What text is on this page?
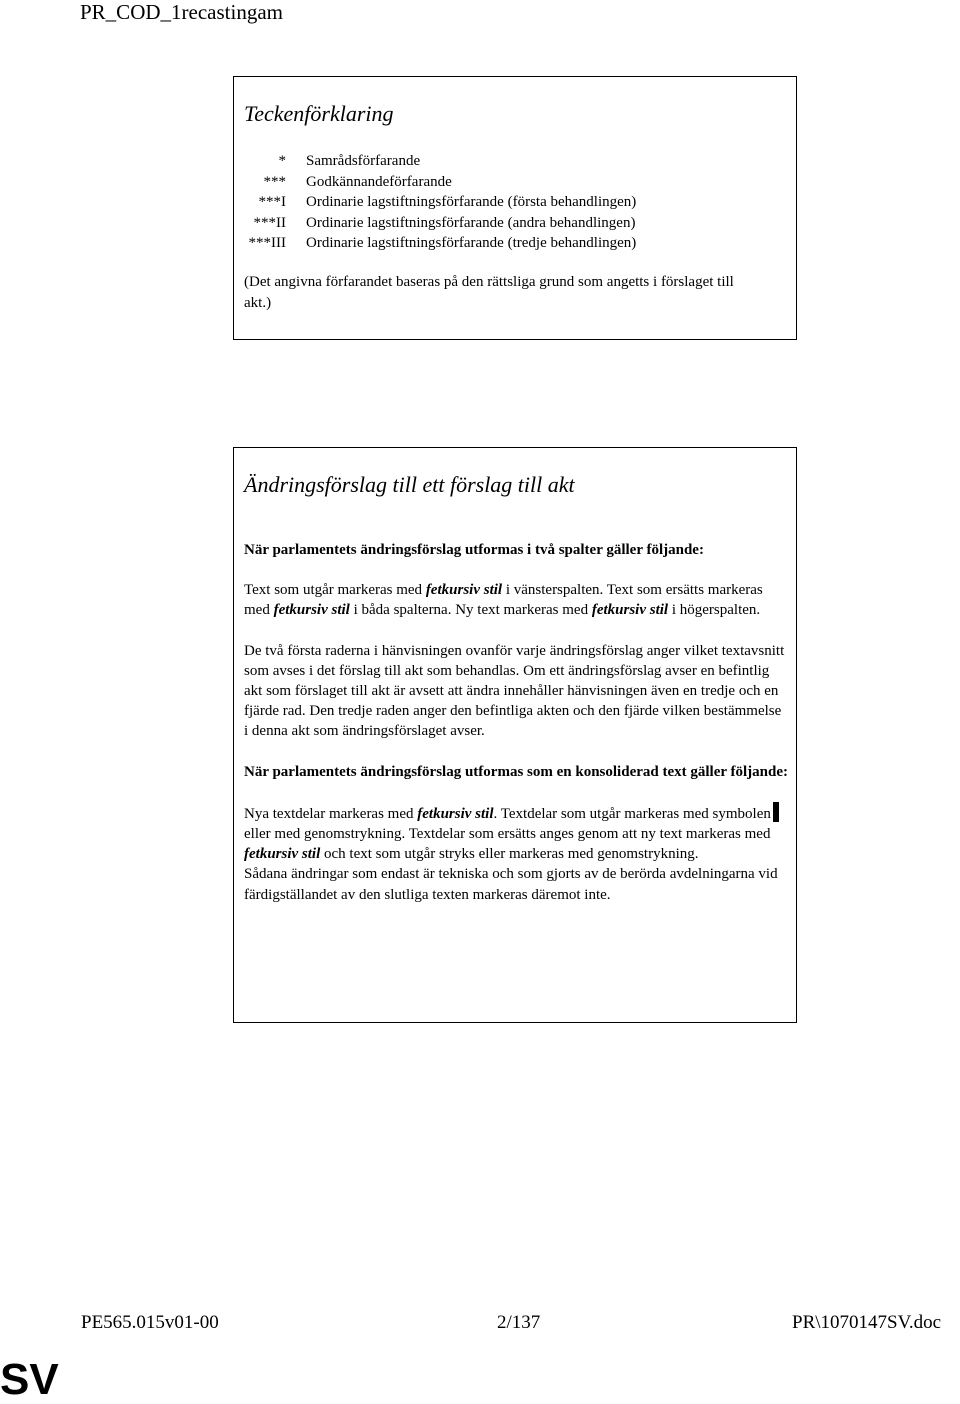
PR_COD_1recastingam
Teckenförklaring
*	Samrådsförfarande
***	Godkännandeförfarande
***I	Ordinarie lagstiftningsförfarande (första behandlingen)
***II	Ordinarie lagstiftningsförfarande (andra behandlingen)
***III	Ordinarie lagstiftningsförfarande (tredje behandlingen)
(Det angivna förfarandet baseras på den rättsliga grund som angetts i förslaget till akt.)
Ändringsförslag till ett förslag till akt

När parlamentets ändringsförslag utformas i två spalter gäller följande:

Text som utgår markeras med fetkursiv stil i vänsterspalten. Text som ersätts markeras med fetkursiv stil i båda spalterna. Ny text markeras med fetkursiv stil i högerspalten.

De två första raderna i hänvisningen ovanför varje ändringsförslag anger vilket textavsnitt som avses i det förslag till akt som behandlas. Om ett ändringsförslag avser en befintlig akt som förslaget till akt är avsett att ändra innehåller hänvisningen även en tredje och en fjärde rad. Den tredje raden anger den befintliga akten och den fjärde vilken bestämmelse i denna akt som ändringsförslaget avser.

När parlamentets ändringsförslag utformas som en konsoliderad text gäller följande:

Nya textdelar markeras med fetkursiv stil. Textdelar som utgår markeras med symboleneller med genomstrykning. Textdelar som ersätts anges genom att ny text markeras med fetkursiv stil och text som utgår stryks eller markeras med genomstrykning.

Sådana ändringar som endast är tekniska och som gjorts av de berörda avdelningarna vid färdigställandet av den slutliga texten markeras däremot inte.

PE565.015v01-00	2/137	PR\1070147SV.doc
SV
